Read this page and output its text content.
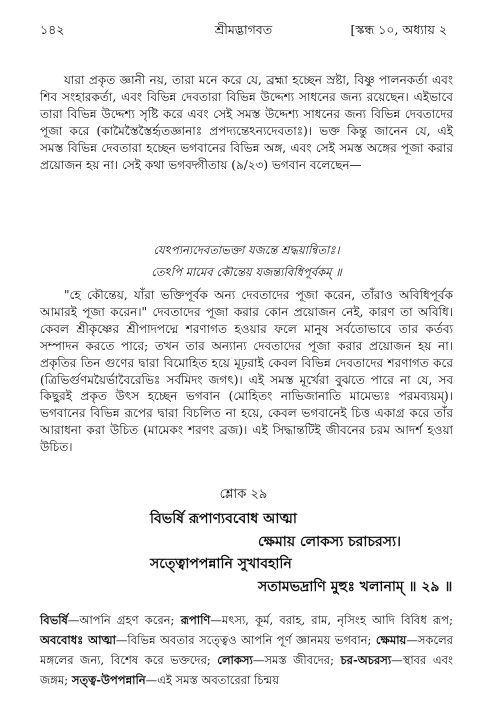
১৪২	শ্রীমদ্ভাগবত	[স্কন্ধ ১০, অধ্যায় ২
যারা প্রকৃত জ্ঞানী নয়, তারা মনে করে যে, ব্রহ্মা হচ্ছেন স্রষ্টা, বিষ্ণু পালনকর্তা এবং শিব সংহারকর্তা, এবং বিভিন্ন দেবতারা বিভিন্ন উদ্দেশ্য সাধনের জন্য রয়েছেন। এইভাবে তারা বিভিন্ন উদ্দেশ্য সৃষ্টি করে এবং সেই সমস্ত উদ্দেশ্য সাধনের জন্য বিভিন্ন দেবতাদের পূজা করে (কামৈস্তৈস্তৈর্হৃতজ্ঞানাঃ প্রপদ্যন্তেঽন্যদেবতাঃ)। ভক্ত কিন্তু জানেন যে, এই সমস্ত বিভিন্ন দেবতারা হচ্ছেন ভগবানের বিভিন্ন অঙ্গ, এবং সেই সমস্ত অঙ্গের পূজা করার প্রয়োজন হয় না। সেই কথা ভগবদ্গীতায় (৯/২৩) ভগবান বলেছেন—
যেঽপ্যন্যদেবতাভক্তা যজন্তে শ্রদ্ধয়ান্বিতাঃ।
তেঽপি মামেব কৌন্তেয় যজন্ত্যবিধিপূর্বকম্ ॥
"হে কৌন্তেয়, যাঁরা ভক্তিপূর্বক অন্য দেবতাদের পূজা করেন, তাঁরাও অবিধিপূর্বক আমারই পূজা করেন।" দেবতাদের পূজা করার কোন প্রয়োজন নেই, কারণ তা অবিধি। কেবল শ্রীকৃষ্ণের শ্রীপাদপদ্মে শরণাগত হওয়ার ফলে মানুষ সর্বতোভাবে তার কর্তব্য সম্পাদন করতে পারে; তখন তার অন্যান্য দেবতাদের পূজা করার প্রয়োজন হয় না। প্রকৃতির তিন গুণের দ্বারা বিমোহিত হয়ে মূঢ়রাই কেবল বিভিন্ন দেবতাদের শরণাগত করে (ত্রিভির্গুণময়ৈর্ভাবৈরেভিঃ সর্বমিদং জগৎ)। এই সমস্ত মূর্খেরা বুঝতে পারে না যে, সব কিছুরই প্রকৃত উৎস হচ্ছেন ভগবান (মোহিতং নাভিজানাতি মামেভ্যঃ পরমব্যয়ম্)। ভগবানের বিভিন্ন রূপের দ্বারা বিচলিত না হয়ে, কেবল ভগবানেই চিত্ত একাগ্র করে তাঁর আরাধনা করা উচিত (মামেকং শরণং ব্রজ)। এই সিদ্ধান্তটিই জীবনের চরম আদর্শ হওয়া উচিত।
শ্লোক ২৯
বিভর্ষি রূপাণ্যববোধ আত্মা
ক্ষেমায় লোকস্য চরাচরস্য।
সত্ত্বোপপন্নানি সুখাবহানি
সতামভদ্রাণি মুহুঃ খলানাম্ ॥ ২৯ ॥
বিভর্ষি—আপনি গ্রহণ করেন; রূপাণি—মৎস্য, কূর্ম, বরাহ, রাম, নৃসিংহ আদি বিবিধ রূপ; অববোধঃ আত্মা—বিভিন্ন অবতার সত্ত্বেও আপনি পূর্ণ জ্ঞানময় ভগবান; ক্ষেমায়—সকলের মঙ্গলের জন্য, বিশেষ করে ভক্তদের; লোকস্য—সমস্ত জীবদের; চর-অচরস্য—স্থাবর এবং জঙ্গম; সত্ত্ব-উপপন্নানি—এই সমস্ত অবতারেরা চিন্ময়
